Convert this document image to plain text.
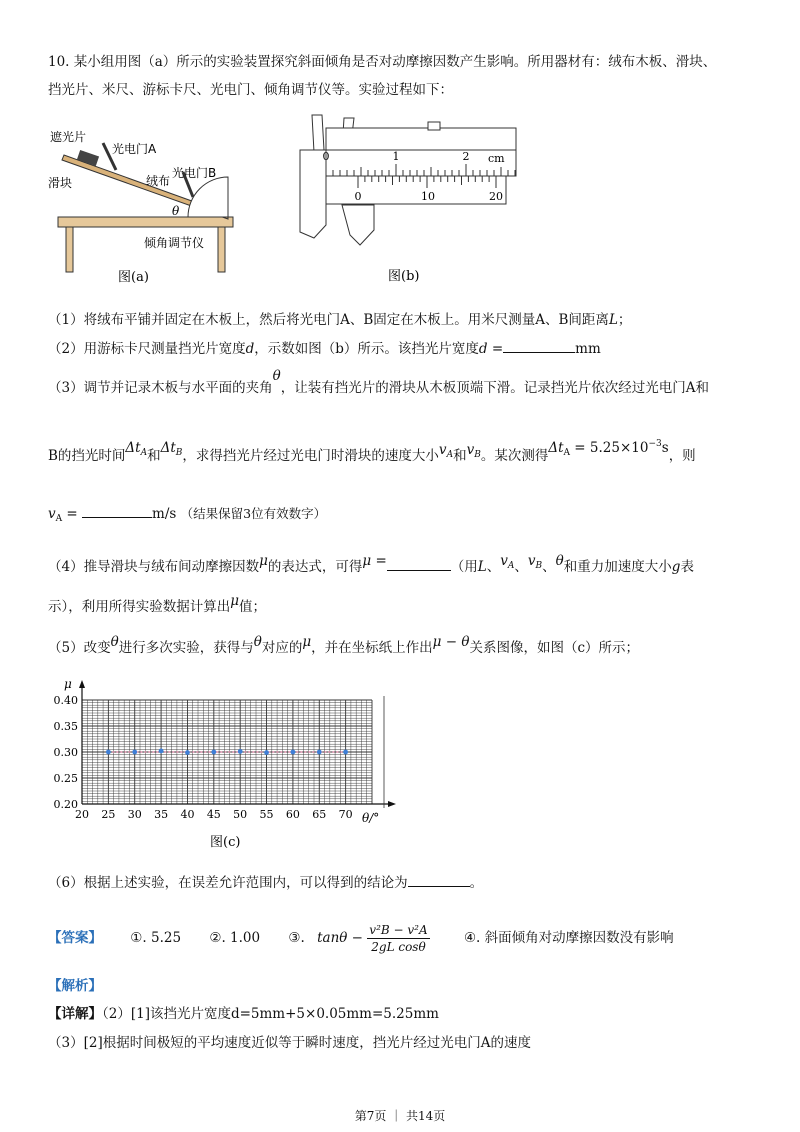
10. 某小组用图（a）所示的实验装置探究斜面倾角是否对动摩擦因数产生影响。所用器材有：绒布木板、滑块、
挡光片、米尺、游标卡尺、光电门、倾角调节仪等。实验过程如下：
遮光片
光电门A
滑块	绒布
光电门B
θ
倾角调节仪
图(a)
0	1	2 cm
0	10	20
图(b)
（1）将绒布平铺并固定在木板上，然后将光电门A、B固定在木板上。用米尺测量A、B间距离L；
（2）用游标卡尺测量挡光片宽度d，示数如图（b）所示。该挡光片宽度d =	mm
（3）调节并记录木板与水平面的夹角θ，让装有挡光片的滑块从木板顶端下滑。记录挡光片依次经过光电门A和
B的挡光时间$\Delta t_A$和$\Delta t_B$，求得挡光片经过光电门时滑块的速度大小$v_A$和$v_B$。某次测得$\Delta t_A = 5.25\times 10^{-3}s$，则
$v_A$ =	m/s （结果保留3位有效数字）
（4）推导滑块与绒布间动摩擦因数μ的表达式，可得μ =	（用L、$v_A$、$v_B$、θ和重力加速度大小g表
示），利用所得实验数据计算出μ值；
（5）改变θ进行多次实验，获得与θ对应的μ，并在坐标纸上作出μ − θ关系图像，如图（c）所示；
0.40
0.35
0.30
0.25
0.20
20 25 30 35 40 45 50 55 60 65 70
μ
θ/°
图(c)
（6）根据上述实验，在误差允许范围内，可以得到的结论为	。
【答案】 ①. 5.25 ②. 1.00 ③. $\tan\theta - \frac{\text{v²B − v²A}}{\text{2gL cosθ}}$	④. 斜面倾角对动摩擦因数没有影响
【解析】
【详解】（2）[1]该挡光片宽度d=5mm+5×0.05mm=5.25mm
（3）[2]根据时间极短的平均速度近似等于瞬时速度，挡光片经过光电门A的速度
第7页 ｜ 共14页
